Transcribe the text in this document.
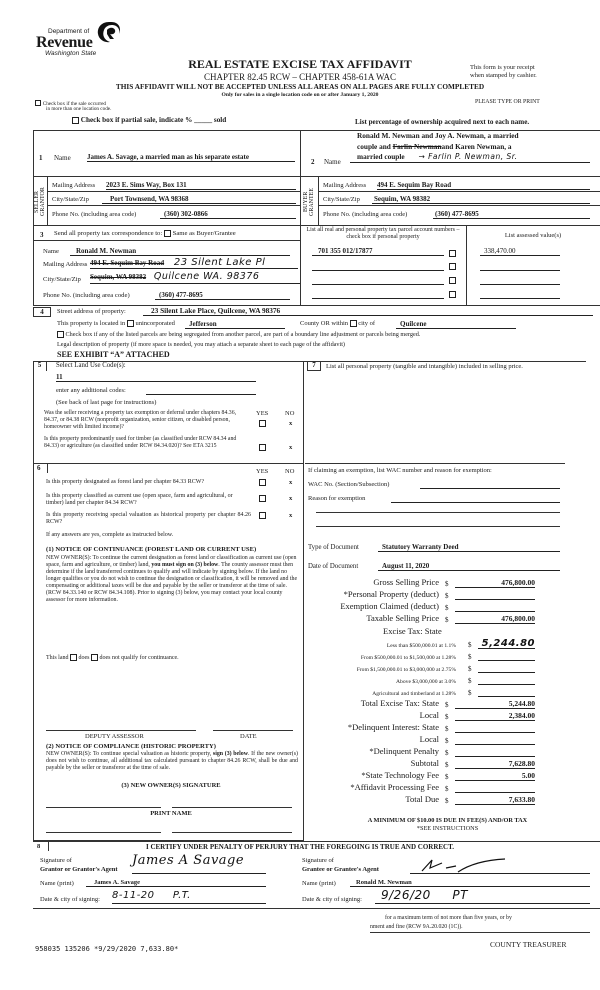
Department of
Revenue
Washington State
REAL ESTATE EXCISE TAX AFFIDAVIT
CHAPTER 82.45 RCW – CHAPTER 458-61A WAC
THIS AFFIDAVIT WILL NOT BE ACCEPTED UNLESS ALL AREAS ON ALL PAGES ARE FULLY COMPLETED
Only for sales in a single location code on or after January 1, 2020
This form is your receipt
when stamped by cashier.
PLEASE TYPE OR PRINT
Check box if the sale occurred
in more than one location code.
Check box if partial sale, indicate % _____ sold	List percentage of ownership acquired next to each name.
1 Name James A. Savage, a married man as his separate estate
SELLER
GRANTOR
Mailing Address 2023 E. Sims Way, Box 131
City/State/Zip	Port Townsend, WA 98368
Phone No. (including area code)	(360) 302-0866
2 Name
Ronald M. Newman and Joy A. Newman, a married
couple and Farlin Newmanand Karen Newman, a
married couple → Farlin P. Newman, Sr.
BUYER
GRANTEE
Mailing Address 494 E. Sequim Bay Road
City/State/Zip Sequim, WA 98382
Phone No. (including area code)	(360) 477-8695
3 Send all property tax correspondence to: Same as Buyer/Grantee
Name	Ronald M. Newman
Mailing Address 494 E. Sequim Bay Road 23 Silent Lake Pl
City/State/Zip Sequim, WA 98382 Quilcene WA. 98376
Phone No. (including area code)	(360) 477-8695
List all real and personal property tax parcel account numbers – check box if personal property	List assessed value(s)
701 355 012/17877	338,470.00
4	Street address of property:	23 Silent Lake Place, Quilcene, WA 98376
This property is located in unincorporated	Jefferson	County OR within city of	Quilcene
Check box if any of the listed parcels are being segregated from another parcel, are part of a boundary line adjustment or parcels being merged.
Legal description of property (if more space is needed, you may attach a separate sheet to each page of the affidavit)
SEE EXHIBIT “A” ATTACHED
5	Select Land Use Code(s):
11
enter any additional codes:
(See back of last page for instructions)
YES	NO
Was the seller receiving a property tax exemption or deferral under chapters 84.36, 84.37, or 84.38 RCW (nonprofit organization, senior citizen, or disabled person, homeowner with limited income)?	x
Is this property predominantly used for timber (as classified under RCW 84.34 and 84.33) or agriculture (as classified under RCW 84.34.020)? See ETA 3215	x
6	YES	NO
Is this property designated as forest land per chapter 84.33 RCW?	x
Is this property classified as current use (open space, farm and agricultural, or timber) land per chapter 84.34 RCW?
x
Is this property receiving special valuation as historical property per chapter 84.26 RCW?
x
If any answers are yes, complete as instructed below.
(1) NOTICE OF CONTINUANCE (FOREST LAND OR CURRENT USE)
NEW OWNER(S): To continue the current designation as forest land or classification as current use (open space, farm and agriculture, or timber) land, you must sign on (3) below. The county assessor must then determine if the land transferred continues to qualify and will indicate by signing below. If the land no longer qualifies or you do not wish to continue the designation or classification, it will be removed and the compensating or additional taxes will be due and payable by the seller or transferor at the time of sale. (RCW 84.33.140 or RCW 84.34.108). Prior to signing (3) below, you may contact your local county assessor for more information.
This land does does not qualify for continuance.
DEPUTY ASSESSOR	DATE
(2) NOTICE OF COMPLIANCE (HISTORIC PROPERTY)
NEW OWNER(S): To continue special valuation as historic property, sign (3) below. If the new owner(s) does not wish to continue, all additional tax calculated pursuant to chapter 84.26 RCW, shall be due and payable by the seller or transferor at the time of sale.
(3) NEW OWNER(S) SIGNATURE
PRINT NAME
7	List all personal property (tangible and intangible) included in selling price.
If claiming an exemption, list WAC number and reason for exemption:
WAC No. (Section/Subsection)
Reason for exemption
Type of Document	Statutory Warranty Deed
Date of Document	August 11, 2020
Gross Selling Price $	476,800.00
*Personal Property (deduct) $
Exemption Claimed (deduct) $
Taxable Selling Price $	476,800.00
Excise Tax: State
Less than $500,000.01 at 1.1%	$	5,244.80
From $500,000.01 to $1,500,000 at 1.28%	$
From $1,500,000.01 to $3,000,000 at 2.75%	$
Above $3,000,000 at 3.0%	$
Agricultural and timberland at 1.28%	$
Total Excise Tax: State $	5,244.80
Local $	2,384.00
*Delinquent Interest: State $
Local $
*Delinquent Penalty $
Subtotal $	7,628.80
*State Technology Fee $	5.00
*Affidavit Processing Fee $
Total Due $	7,633.80
A MINIMUM OF $10.00 IS DUE IN FEE(S) AND/OR TAX
*SEE INSTRUCTIONS
8	I CERTIFY UNDER PENALTY OF PERJURY THAT THE FOREGOING IS TRUE AND CORRECT.
Signature of
Grantor or Grantor's Agent
James A Savage
Name (print)	James A. Savage
Date & city of signing: 8-11-20     P.T.
Signature of
Grantee or Grantee's Agent
Name (print)	Ronald M. Newman
Date & city of signing:	9/26/20     PT
for a maximum term of not more than five years, or by
nment and fine (RCW 9A.20.020 (1C)).
958035 135206 *9/29/2020 7,633.80*	COUNTY TREASURER
